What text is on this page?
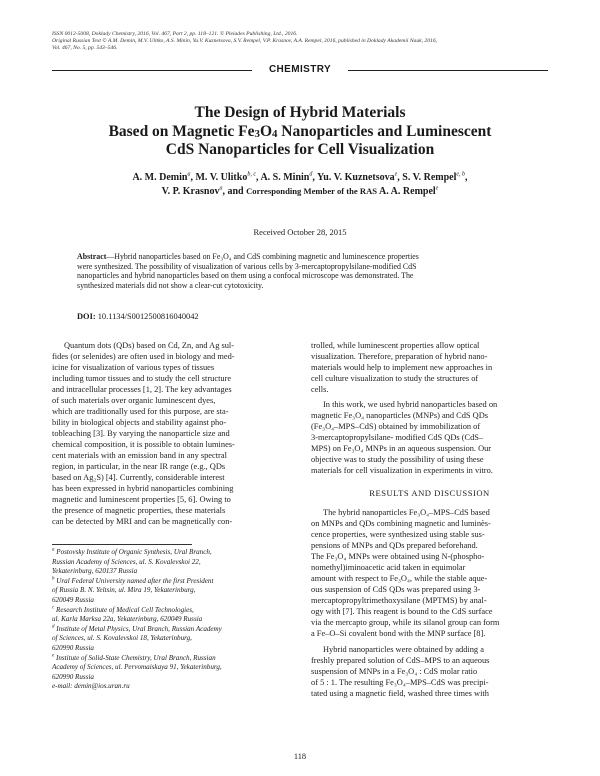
ISSN 0012-5008, Doklady Chemistry, 2016, Vol. 467, Part 2, pp. 118–121. © Pleiades Publishing, Ltd., 2016.
Original Russian Text © A.M. Demin, M.V. Ulitko, A.S. Minin, Yu.V. Kuznetsova, S.V. Rempel, V.P. Krasnov, A.A. Rempel, 2016, published in Doklady Akademii Nauk, 2016,
Vol. 467, No. 5, pp. 543–546.
CHEMISTRY
The Design of Hybrid Materials
Based on Magnetic $Fe_3O_4$ Nanoparticles and Luminescent
CdS Nanoparticles for Cell Visualization
A. M. Demin$^a$, M. V. Ulitko$^{b, c}$, A. S. Minin$^d$, Yu. V. Kuznetsova$^e$, S. V. Rempel$^{e, b}$,
V. P. Krasnov$^a$, and Corresponding Member of the RAS A. A. Rempel$^e$
Received October 28, 2015
Abstract—Hybrid nanoparticles based on Fe₃O₄ and CdS combining magnetic and luminescence properties
were synthesized. The possibility of visualization of various cells by 3-mercaptopropylsilane-modified CdS
nanoparticles and hybrid nanoparticles based on them using a confocal microscope was demonstrated. The
synthesized materials did not show a clear-cut cytotoxicity.
DOI: 10.1134/S0012500816040042
Quantum dots (QDs) based on Cd, Zn, and Ag sul-
fides (or selenides) are often used in biology and med-
icine for visualization of various types of tissues
including tumor tissues and to study the cell structure
and intracellular processes [1, 2]. The key advantages
of such materials over organic luminescent dyes,
which are traditionally used for this purpose, are sta-
bility in biological objects and stability against pho-
tobleaching [3]. By varying the nanoparticle size and
chemical composition, it is possible to obtain lumines-
cent materials with an emission band in any spectral
region, in particular, in the near IR range (e.g., QDs
based on Ag₂S) [4]. Currently, considerable interest
has been expressed in hybrid nanoparticles combining
magnetic and luminescent properties [5, 6]. Owing to
the presence of magnetic properties, these materials
can be detected by MRI and can be magnetically con-
trolled, while luminescent properties allow optical
visualization. Therefore, preparation of hybrid nano-
materials would help to implement new approaches in
cell culture visualization to study the structures of
cells.
In this work, we used hybrid nanoparticles based on
magnetic Fe₃O₄ nanoparticles (MNPs) and CdS QDs
(Fe₃O₄–MPS–CdS) obtained by immobilization of
3-mercaptopropylsilane- modified CdS QDs (CdS–
MPS) on Fe₃O₄ MNPs in an aqueous suspension. Our
objective was to study the possibility of using these
materials for cell visualization in experiments in vitro.
RESULTS AND DISCUSSION
The hybrid nanoparticles Fe₃O₄–MPS–CdS based
on MNPs and QDs combining magnetic and luminès-
cence properties, were synthesized using stable sus-
pensions of MNPs and QDs prepared beforehand.
The Fe₃O₄ MNPs were obtained using N-(phospho-
nomethyl)iminoacetic acid taken in equimolar
amount with respect to Fe₃O₄, while the stable aque-
ous suspension of CdS QDs was prepared using 3-
mercaptopropyltrimethoxysilane (MPTMS) by anal-
ogy with [7]. This reagent is bound to the CdS surface
via the mercapto group, while its silanol group can form
a Fe–O–Si covalent bond with the MNP surface [8].
Hybrid nanoparticles were obtained by adding a
freshly prepared solution of CdS–MPS to an aqueous
suspension of MNPs in a Fe₃O₄ : CdS molar ratio
of 5 : 1. The resulting Fe₃O₄–MPS–CdS was precipi-
tated using a magnetic field, washed three times with
$^a$ Postovsky Institute of Organic Synthesis, Ural Branch,
Russian Academy of Sciences, ul. S. Kovalevskoi 22,
Yekaterinburg, 620137 Russia
$^b$ Ural Federal University named after the first President
of Russia B. N. Yeltsin, ul. Mira 19, Yekaterinburg,
620049 Russia
$^c$ Research Institute of Medical Cell Technologies,
ul. Karla Marksa 22a, Yekaterinburg, 620049 Russia
$^d$ Institute of Metal Physics, Ural Branch, Russian Academy
of Sciences, ul. S. Kovalevskoi 18, Yekaterinburg,
620990 Russia
$^e$ Institute of Solid-State Chemistry, Ural Branch, Russian
Academy of Sciences, ul. Pervomaiskaya 91, Yekaterinburg,
620990 Russia
e-mail: demin@ios.uran.ru
118
